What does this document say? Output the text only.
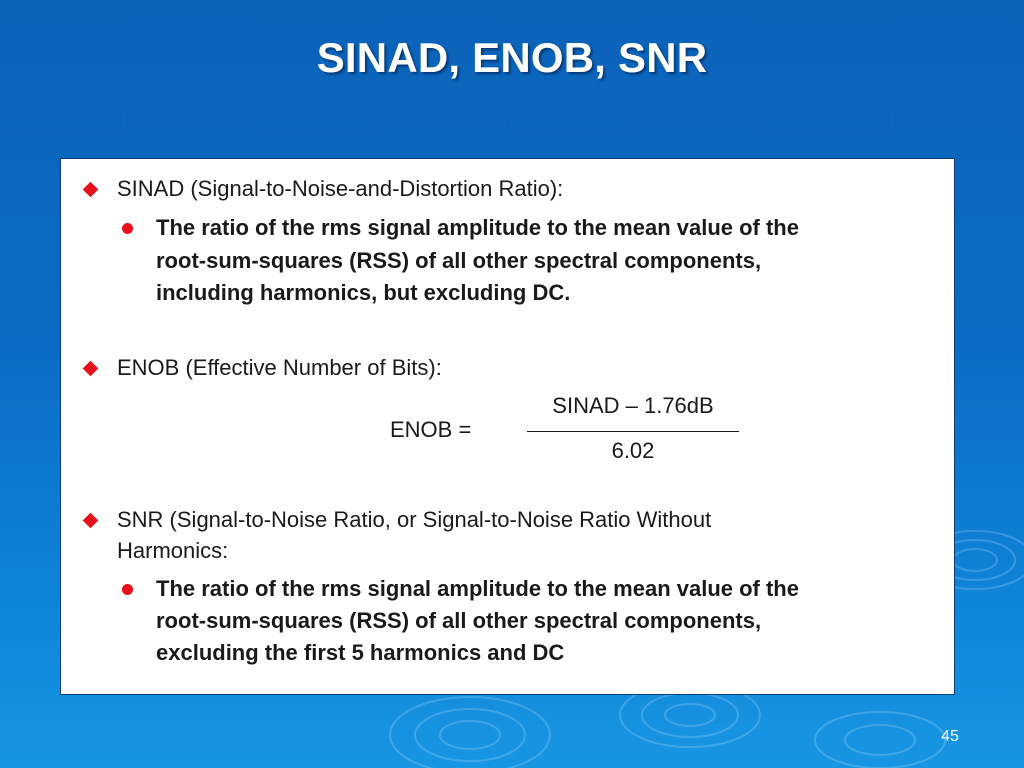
SINAD, ENOB, SNR
SINAD (Signal-to-Noise-and-Distortion Ratio):
The ratio of the rms signal amplitude to the mean value of the
root-sum-squares (RSS) of all other spectral components,
including harmonics, but excluding DC.
ENOB (Effective Number of Bits):
ENOB =
SINAD – 1.76dB
6.02
SNR (Signal-to-Noise Ratio, or Signal-to-Noise Ratio Without
Harmonics:
The ratio of the rms signal amplitude to the mean value of the
root-sum-squares (RSS) of all other spectral components,
excluding the first 5 harmonics and DC
45
